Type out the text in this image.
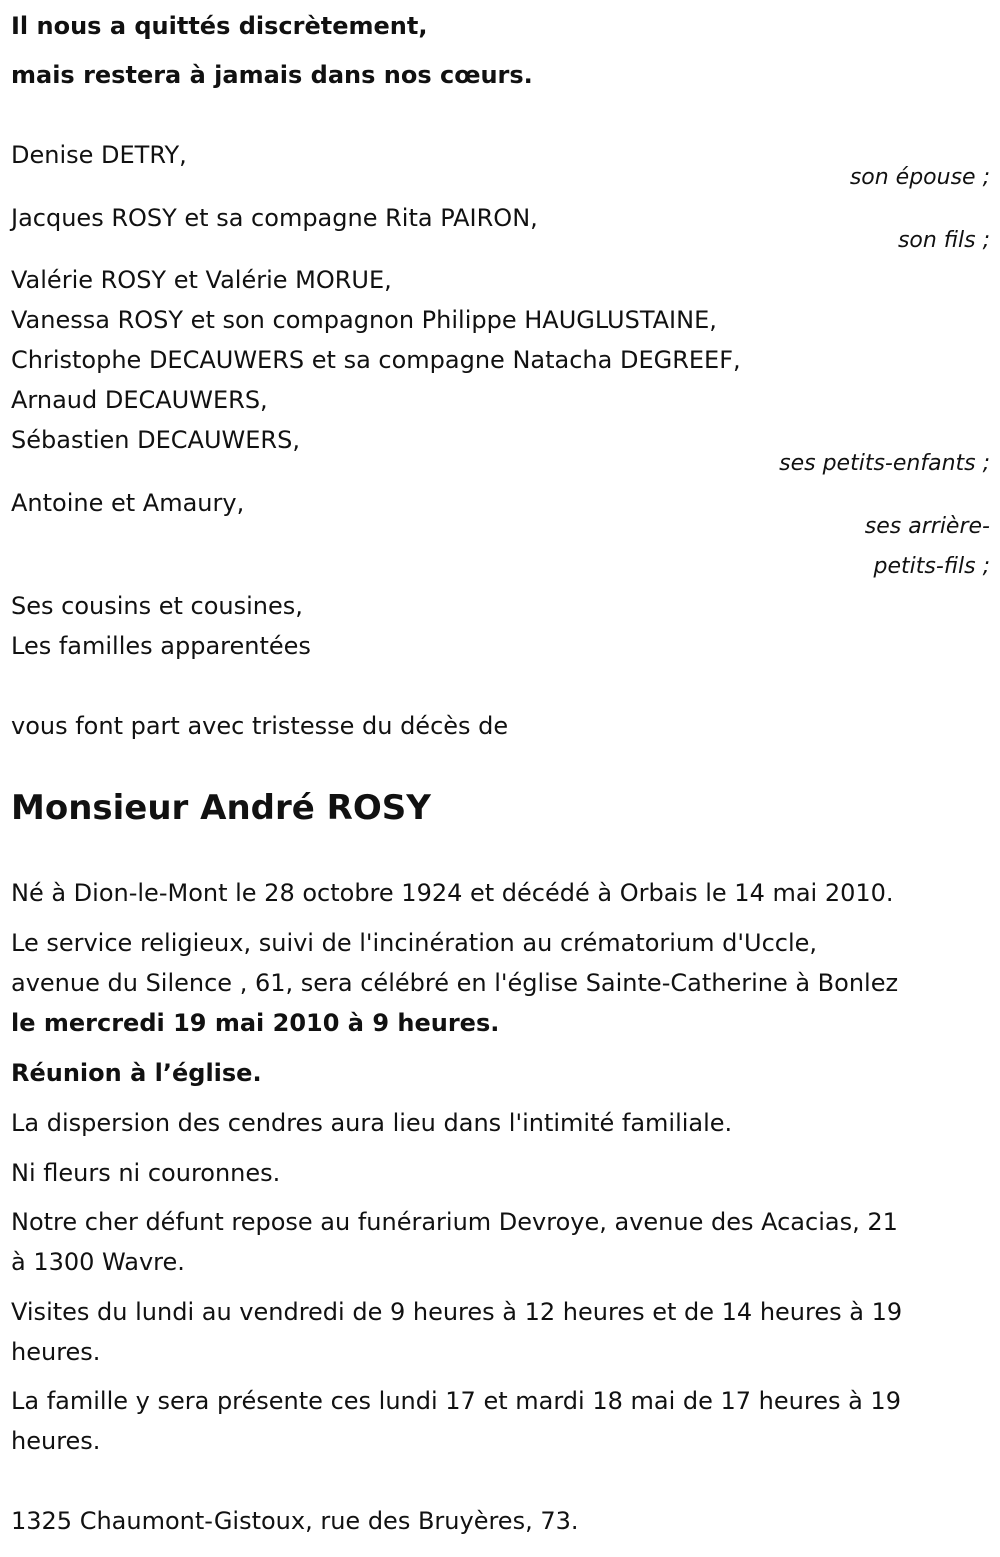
Il nous a quittés discrètement,
mais restera à jamais dans nos cœurs.
Denise DETRY,
son épouse ;
Jacques ROSY et sa compagne Rita PAIRON,
son fils ;
Valérie ROSY et Valérie MORUE,
Vanessa ROSY et son compagnon Philippe HAUGLUSTAINE,
Christophe DECAUWERS et sa compagne Natacha DEGREEF,
Arnaud DECAUWERS,
Sébastien DECAUWERS,
ses petits-enfants ;
Antoine et Amaury,
ses arrière-
petits-fils ;
Ses cousins et cousines,
Les familles apparentées
vous font part avec tristesse du décès de
Monsieur André ROSY
Né à Dion-le-Mont le 28 octobre 1924 et décédé à Orbais le 14 mai 2010.
Le service religieux, suivi de l'incinération au crématorium d'Uccle,
avenue du Silence , 61, sera célébré en l'église Sainte-Catherine à Bonlez
le mercredi 19 mai 2010 à 9 heures.
Réunion à l’église.
La dispersion des cendres aura lieu dans l'intimité familiale.
Ni fleurs ni couronnes.
Notre cher défunt repose au funérarium Devroye, avenue des Acacias, 21
à 1300 Wavre.
Visites du lundi au vendredi de 9 heures à 12 heures et de 14 heures à 19
heures.
La famille y sera présente ces lundi 17 et mardi 18 mai de 17 heures à 19
heures.
1325 Chaumont-Gistoux, rue des Bruyères, 73.
